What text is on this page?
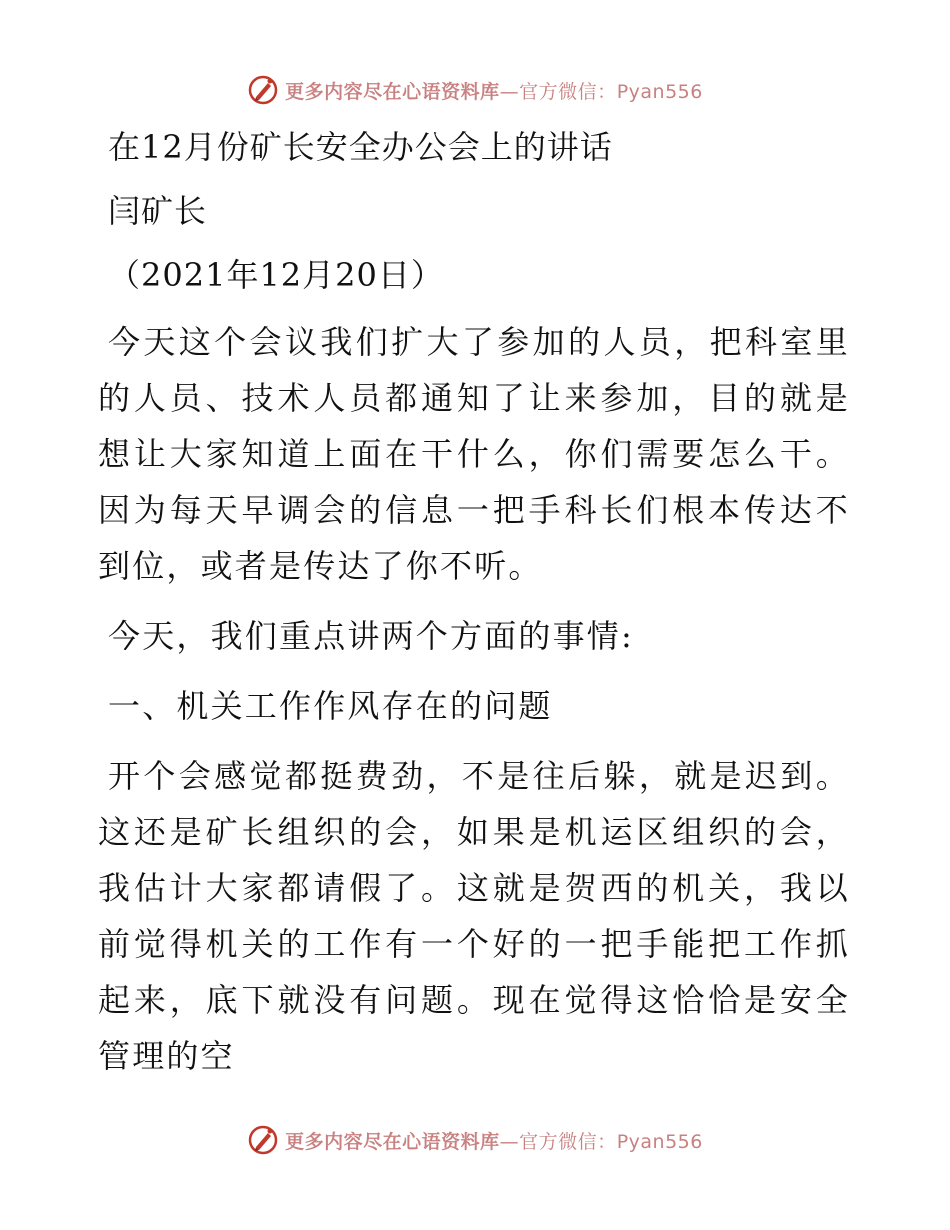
更多内容尽在心语资料库—官方微信：Pyan556
在12月份矿长安全办公会上的讲话
闫矿长
（2021年12月20日）

今天这个会议我们扩大了参加的人员，把科室里的人员、技术人员都通知了让来参加，目的就是想让大家知道上面在干什么，你们需要怎么干。因为每天早调会的信息一把手科长们根本传达不到位，或者是传达了你不听。

今天，我们重点讲两个方面的事情:

一、机关工作作风存在的问题

开个会感觉都挺费劲，不是往后躲，就是迟到。这还是矿长组织的会，如果是机运区组织的会，我估计大家都请假了。这就是贺西的机关，我以前觉得机关的工作有一个好的一把手能把工作抓起来，底下就没有问题。现在觉得这恰恰是安全管理的空

更多内容尽在心语资料库—官方微信：Pyan556
